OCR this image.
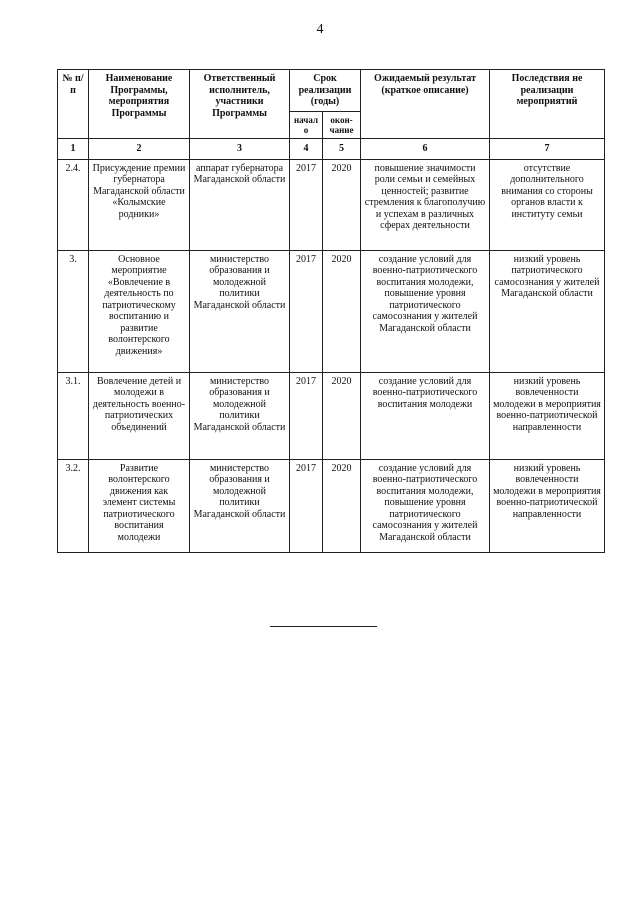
4
№ п/п	Наименование Программы, мероприятия Программы	Ответственный исполнитель, участники Программы	Срок реализации (годы)		Ожидаемый результат (краткое описание)	Последствия не реализации мероприятий
			начало	окон-чание		
1	2	3	4	5	6	7
2.4.	Присуждение премии губернатора Магаданской области «Колымские родники»	аппарат губернатора Магаданской области	2017	2020	повышение значимости роли семьи и семейных ценностей; развитие стремления к благополучию и успехам в различных сферах деятельности	отсутствие дополнительного внимания со стороны органов власти к институту семьи
3.	Основное мероприятие «Вовлечение в деятельность по патриотическому воспитанию и развитие волонтерского движения»	министерство образования и молодежной политики Магаданской области	2017	2020	создание условий для военно-патриотического воспитания молодежи, повышение уровня патриотического самосознания у жителей Магаданской области	низкий уровень патриотического самосознания у жителей Магаданской области
3.1.	Вовлечение детей и молодежи в деятельность военно-патриотических объединений	министерство образования и молодежной политики Магаданской области	2017	2020	создание условий для военно-патриотического воспитания молодежи	низкий уровень вовлеченности молодежи в мероприятия военно-патриотической направленности
3.2.	Развитие волонтерского движения как элемент системы патриотического воспитания молодежи	министерство образования и молодежной политики Магаданской области	2017	2020	создание условий для военно-патриотического воспитания молодежи, повышение уровня патриотического самосознания у жителей Магаданской области	низкий уровень вовлеченности молодежи в мероприятия военно-патриотической направленности
